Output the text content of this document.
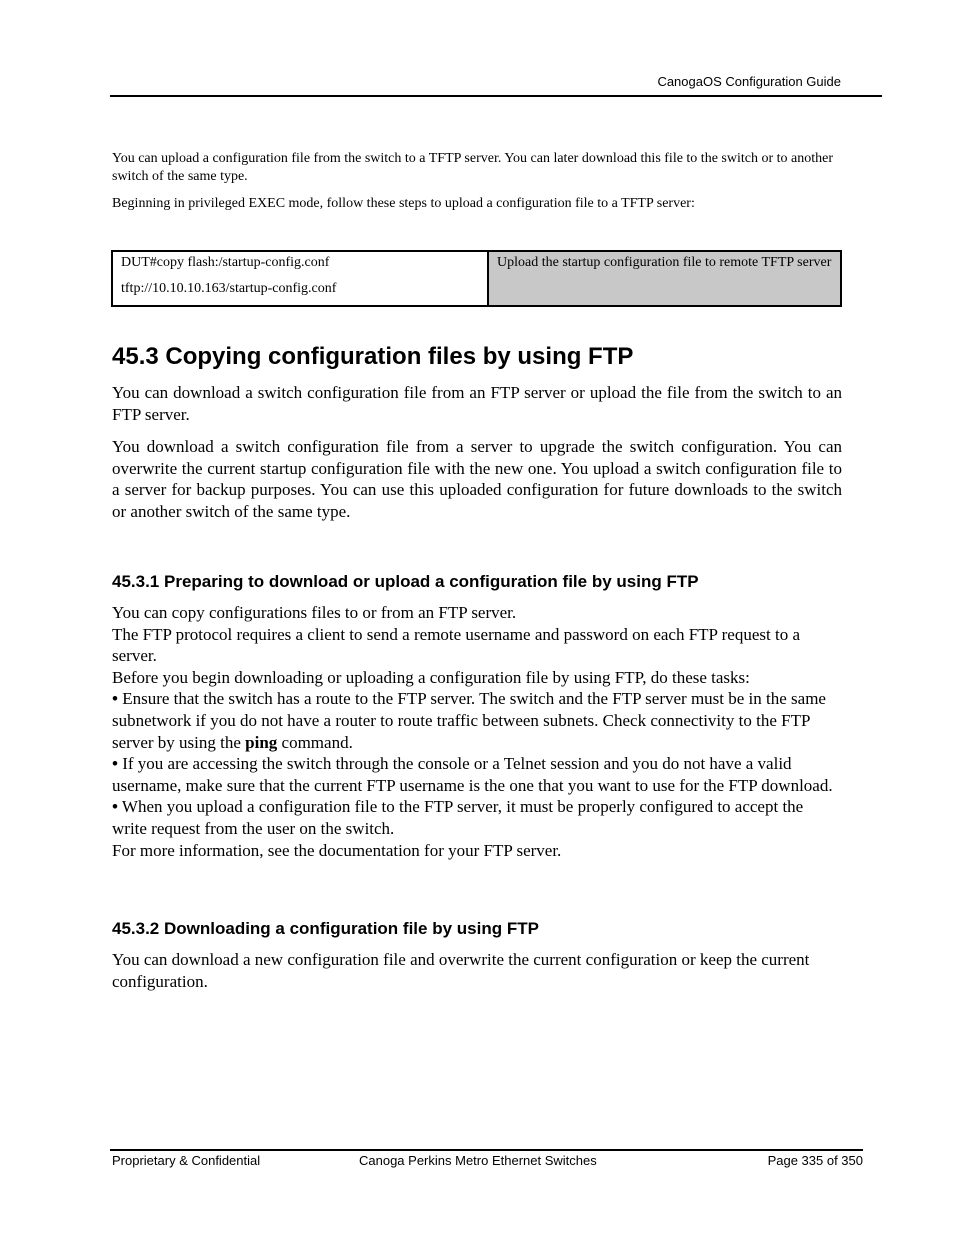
CanogaOS Configuration Guide
You can upload a configuration file from the switch to a TFTP server. You can later download this file to the switch or to another switch of the same type.
Beginning in privileged EXEC mode, follow these steps to upload a configuration file to a TFTP server:
DUT#copy flash:/startup-config.conf
tftp://10.10.10.163/startup-config.conf
Upload the startup configuration file to remote TFTP server
45.3 Copying configuration files by using FTP
You can download a switch configuration file from an FTP server or upload the file from the switch to an FTP server.
You download a switch configuration file from a server to upgrade the switch configuration. You can overwrite the current startup configuration file with the new one. You upload a switch configuration file to a server for backup purposes. You can use this uploaded configuration for future downloads to the switch or another switch of the same type.
45.3.1 Preparing to download or upload a configuration file by using FTP
You can copy configurations files to or from an FTP server.
The FTP protocol requires a client to send a remote username and password on each FTP request to a server.
Before you begin downloading or uploading a configuration file by using FTP, do these tasks:
• Ensure that the switch has a route to the FTP server. The switch and the FTP server must be in the same subnetwork if you do not have a router to route traffic between subnets. Check connectivity to the FTP server by using the ping command.
• If you are accessing the switch through the console or a Telnet session and you do not have a valid username, make sure that the current FTP username is the one that you want to use for the FTP download.
• When you upload a configuration file to the FTP server, it must be properly configured to accept the write request from the user on the switch.
For more information, see the documentation for your FTP server.
45.3.2 Downloading a configuration file by using FTP
You can download a new configuration file and overwrite the current configuration or keep the current configuration.
Proprietary & Confidential	Canoga Perkins Metro Ethernet Switches	Page 335 of 350
